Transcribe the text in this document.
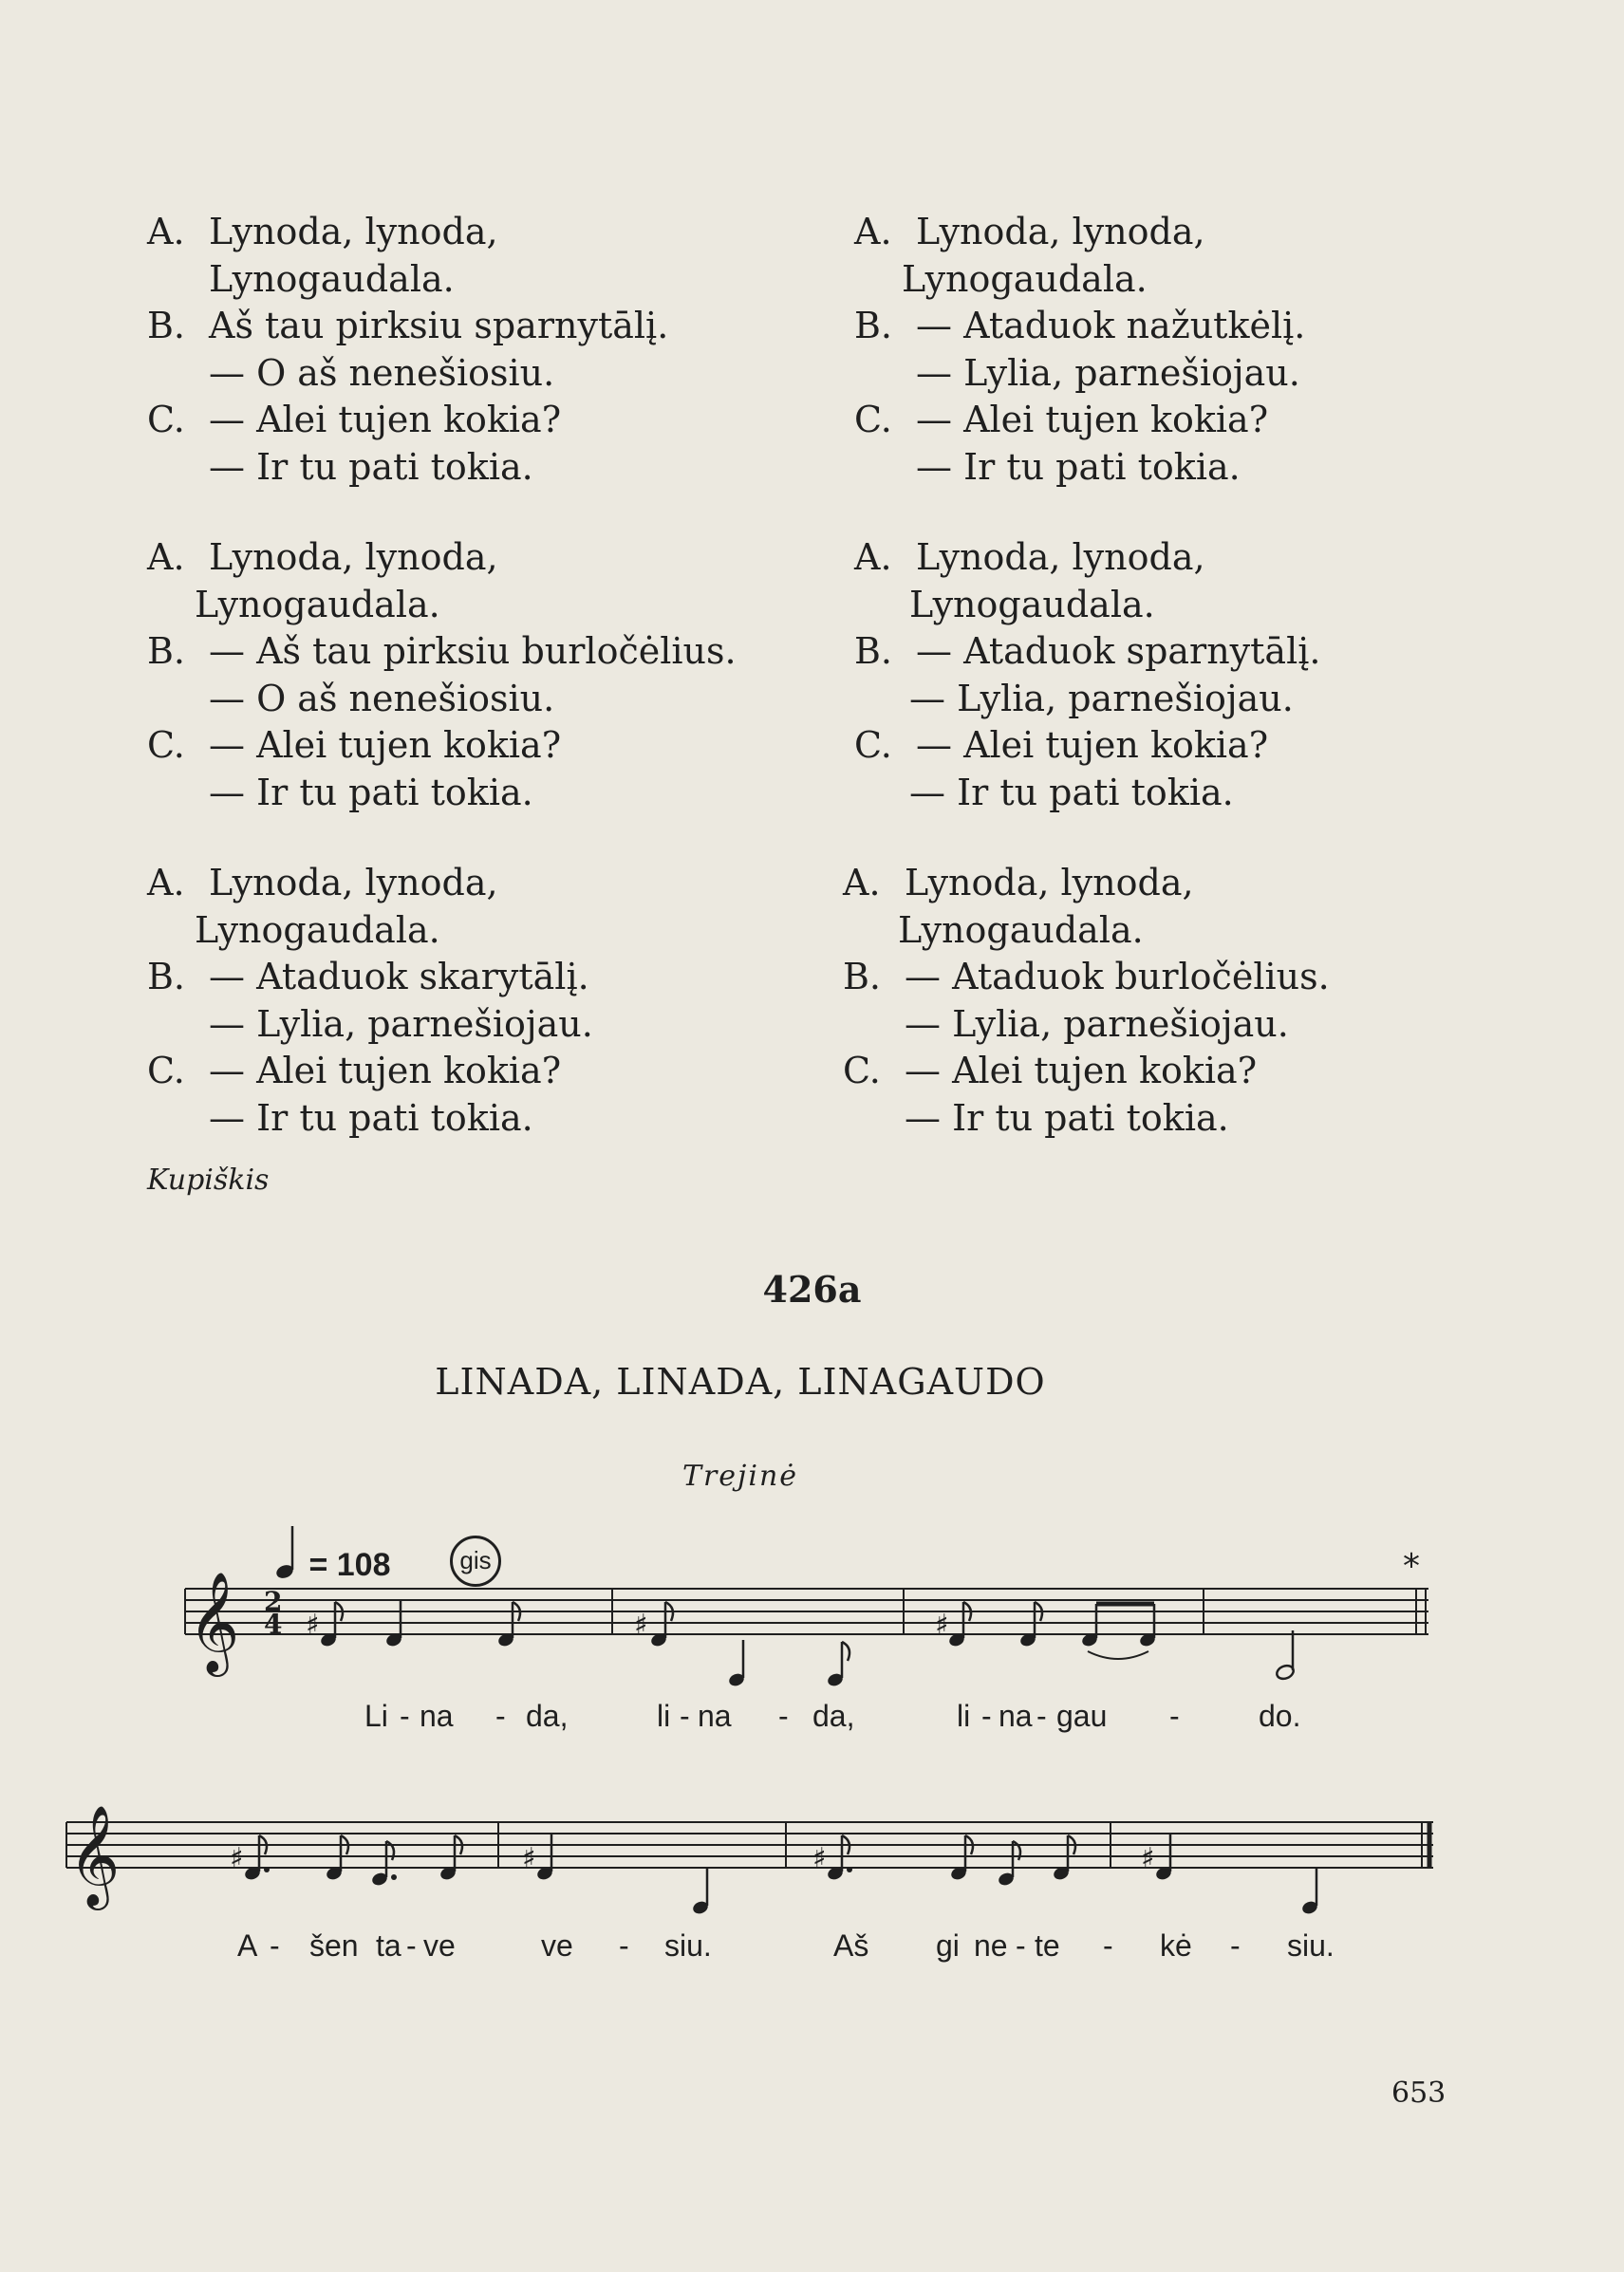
A. Lynoda, lynoda,
Lynogaudala.
B. Aš tau pirksiu sparnytālį.
— O aš nenešiosiu.
C. — Alei tujen kokia?
— Ir tu pati tokia.
A. Lynoda, lynoda,
Lynogaudala.
B. — Ataduok nažutkėlį.
— Lylia, parnešiojau.
C. — Alei tujen kokia?
— Ir tu pati tokia.
A. Lynoda, lynoda,
Lynogaudala.
B. — Aš tau pirksiu burločėlius.
— O aš nenešiosiu.
C. — Alei tujen kokia?
— Ir tu pati tokia.
A. Lynoda, lynoda,
Lynogaudala.
B. — Ataduok sparnytālį.
— Lylia, parnešiojau.
C. — Alei tujen kokia?
— Ir tu pati tokia.
A. Lynoda, lynoda,
Lynogaudala.
B. — Ataduok skarytālį.
— Lylia, parnešiojau.
C. — Alei tujen kokia?
— Ir tu pati tokia.
A. Lynoda, lynoda,
Lynogaudala.
B. — Ataduok burločėlius.
— Lylia, parnešiojau.
C. — Alei tujen kokia?
— Ir tu pati tokia.
Kupiškis
426a
LINADA, LINADA, LINAGAUDO
Trejinė
= 108	gis	*
𝄞 2
4 ♯	♯	♯
𝄞	♯	♯	♯	♯
Li - na - da,	li - na - da,	li - na - gau -	do.
A - šen ta - ve	ve - siu.	Aš gi ne - te - kė - siu.
653
